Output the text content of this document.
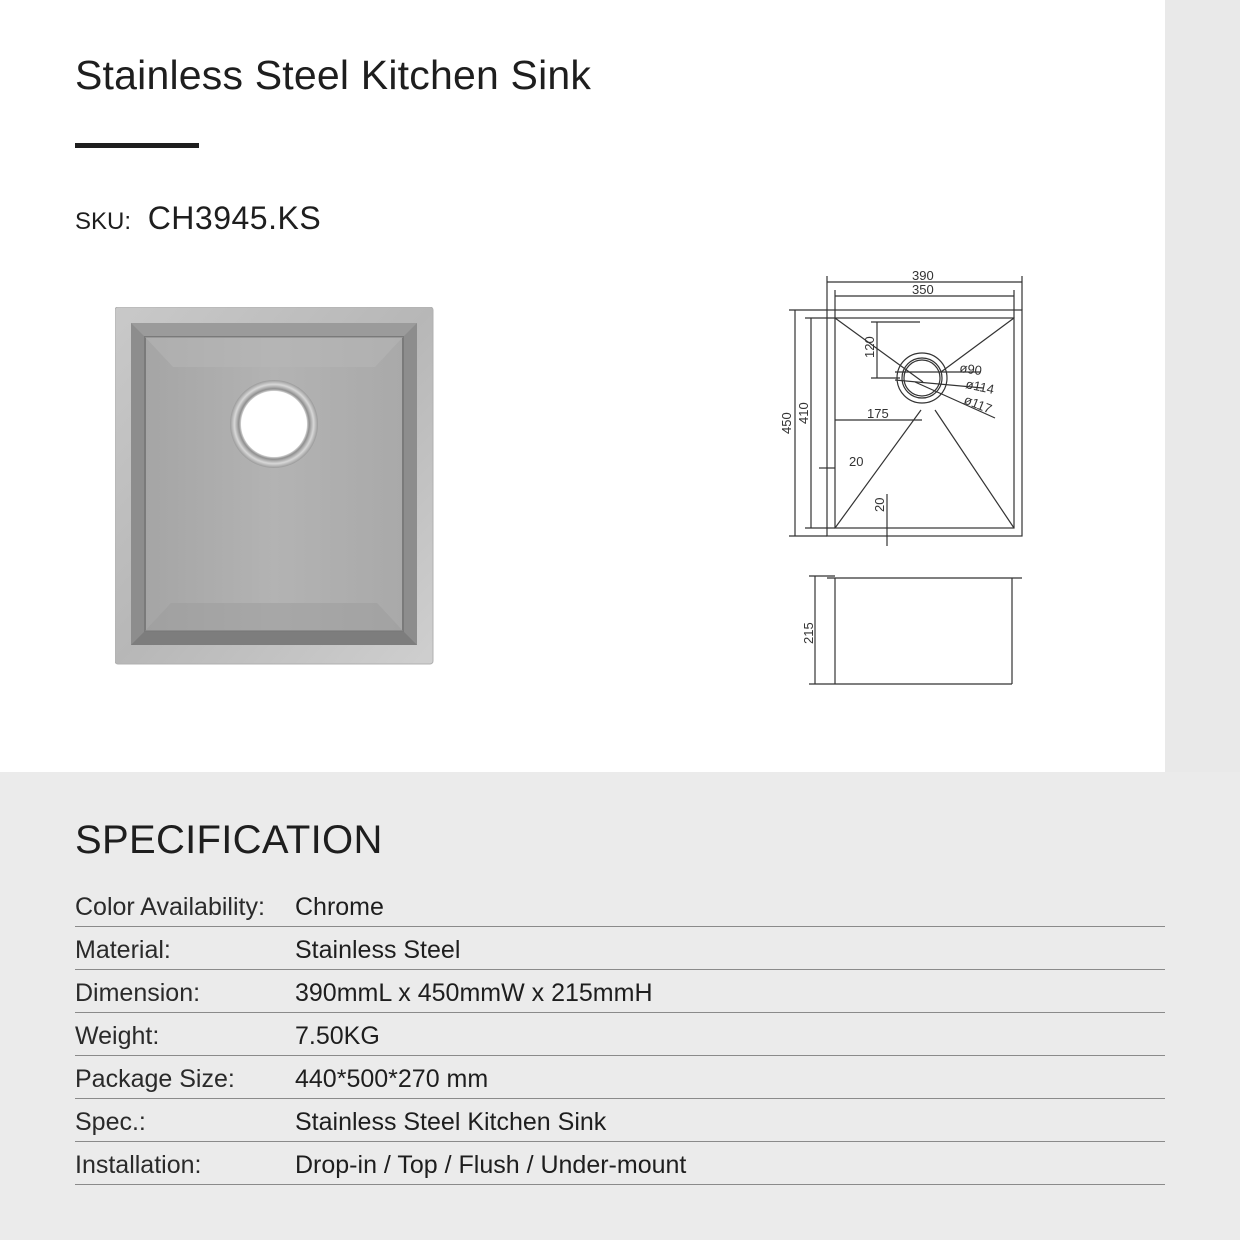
Stainless Steel Kitchen Sink
SKU: CH3945.KS
390
350
120
175
450 410
20
20
ø90
ø114
ø117
215
SPECIFICATION
Color Availability: Chrome
Material:	Stainless Steel
Dimension:	390mmL x 450mmW x 215mmH
Weight:	7.50KG
Package Size: 440*500*270 mm
Spec.:	Stainless Steel Kitchen Sink
Installation:	Drop-in / Top / Flush / Under-mount
